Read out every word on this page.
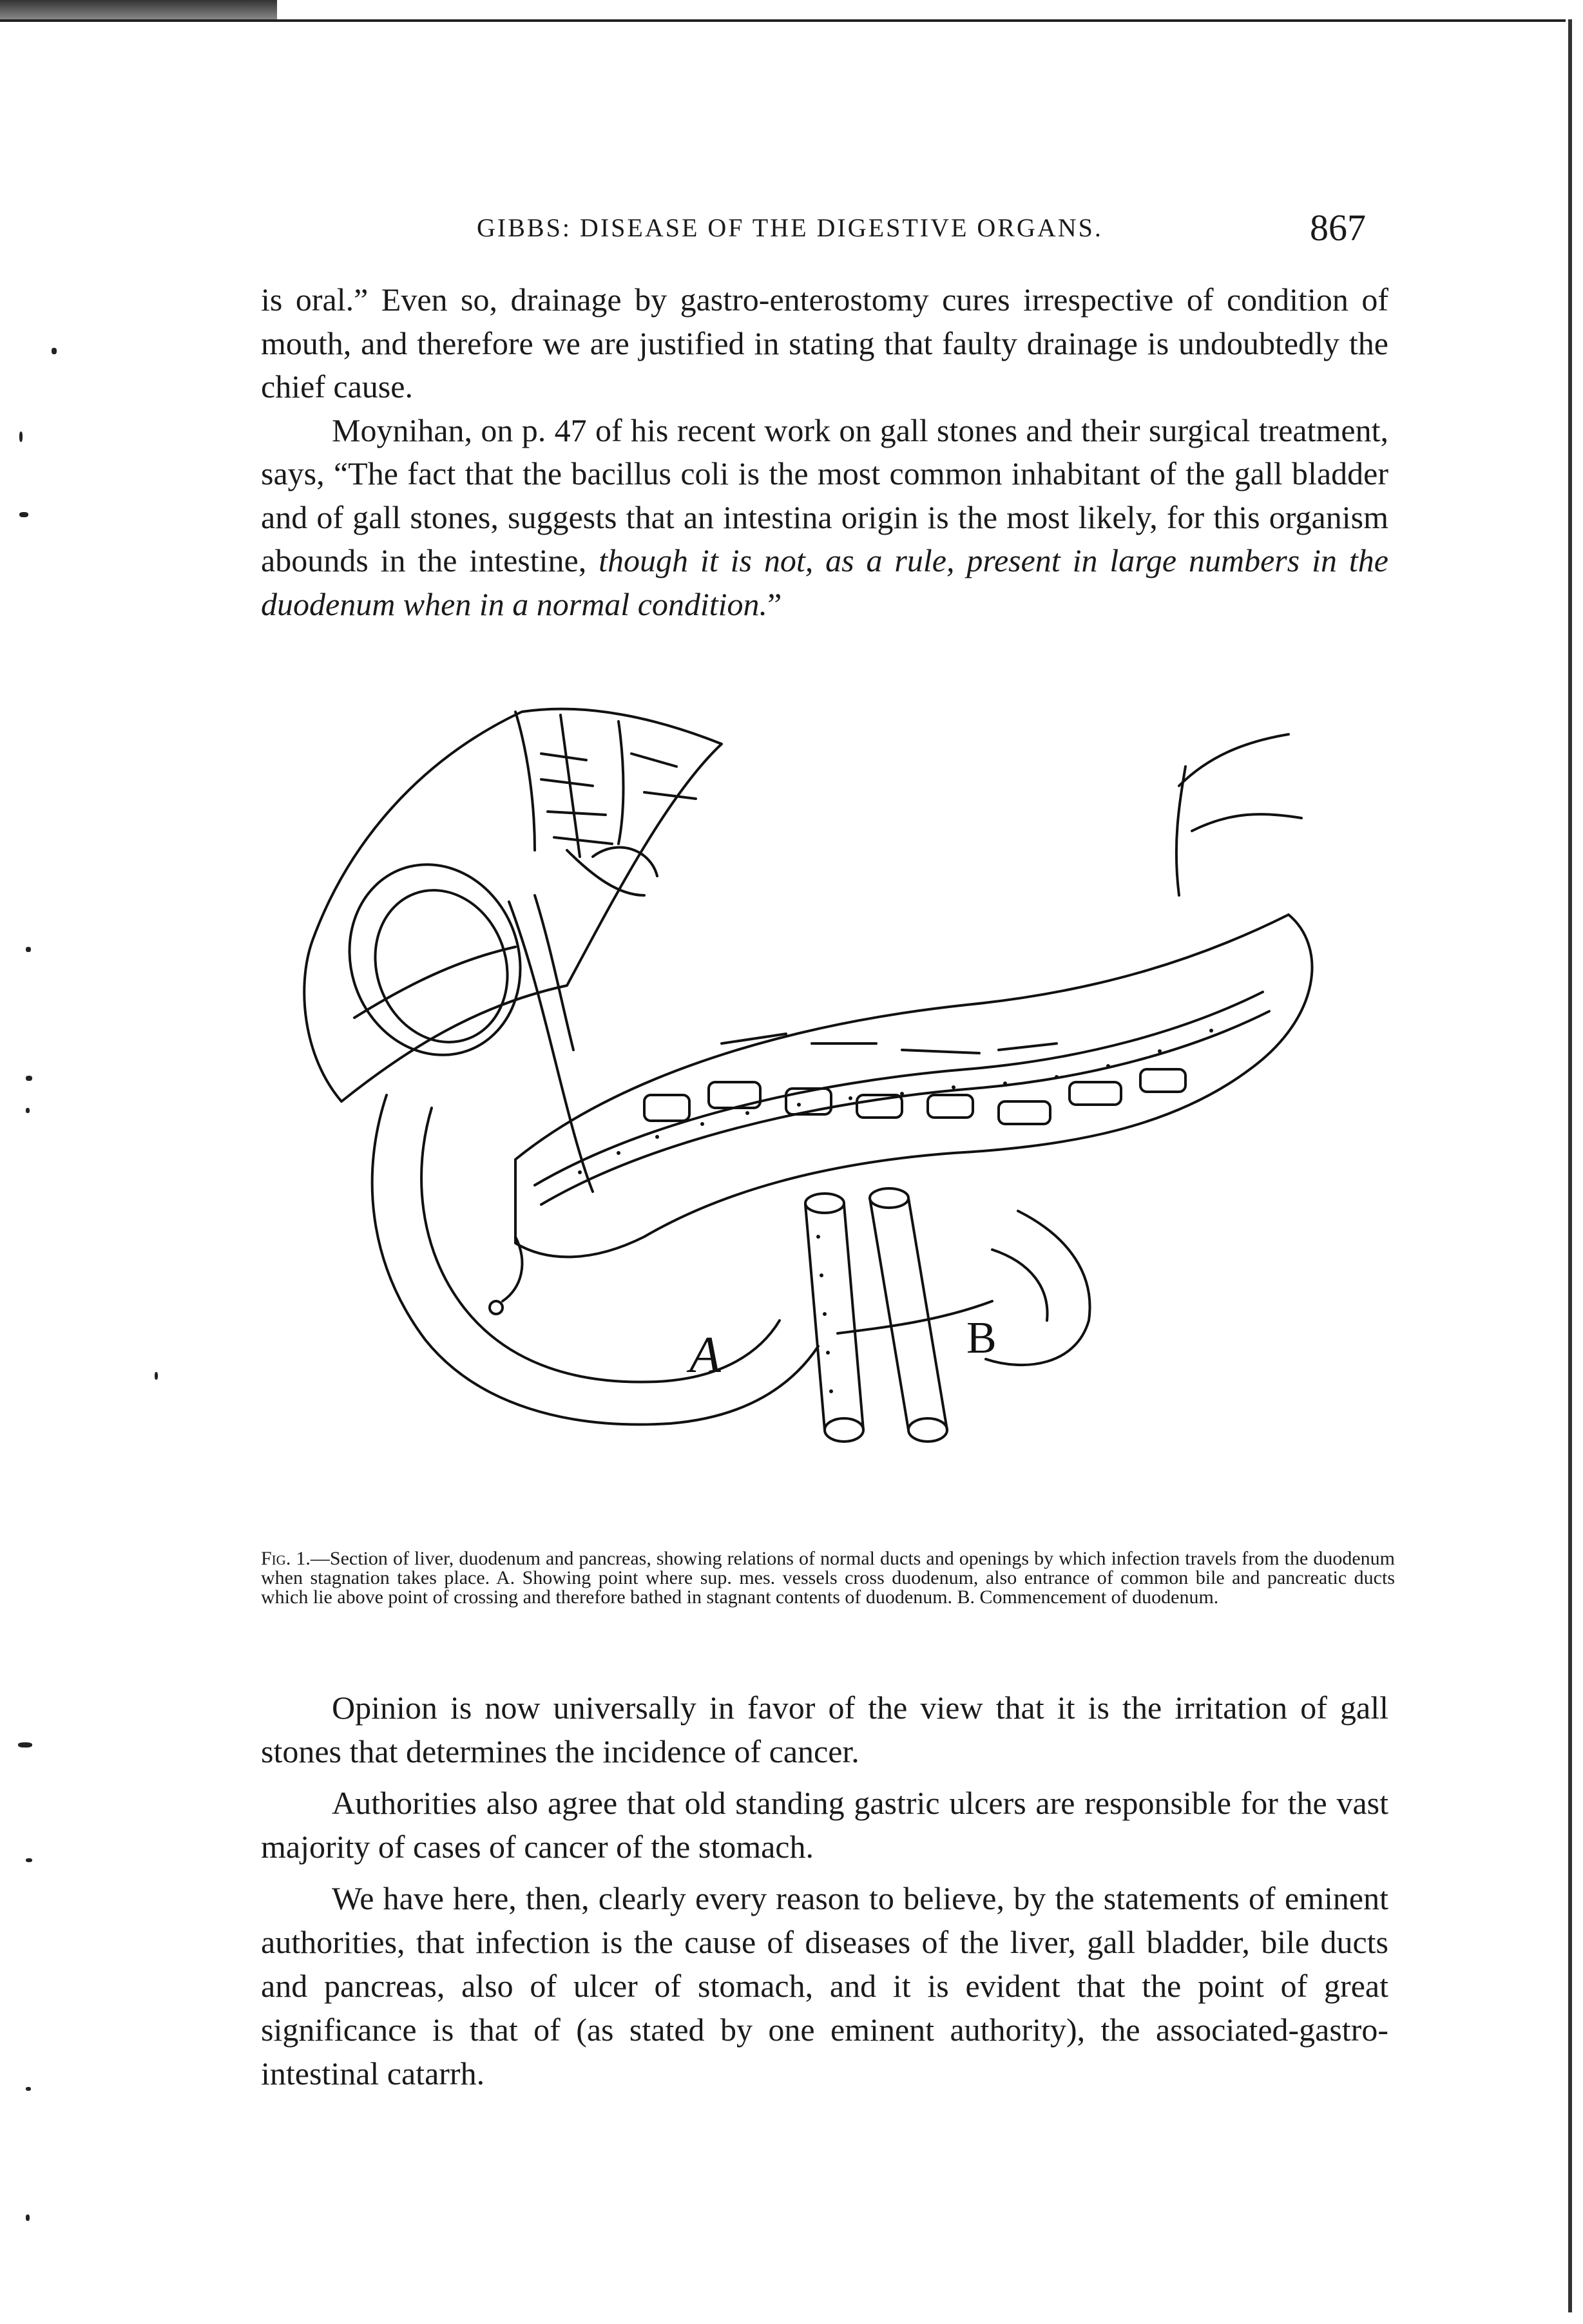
GIBBS: DISEASE OF THE DIGESTIVE ORGANS.	867

is oral.” Even so, drainage by gastro-enterostomy cures irrespective of condition of mouth, and therefore we are justified in stating that faulty drainage is undoubtedly the chief cause.

Moynihan, on p. 47 of his recent work on gall stones and their surgical treatment, says, “The fact that the bacillus coli is the most common inhabitant of the gall bladder and of gall stones, suggests that an intestina origin is the most likely, for this organism abounds in the intestine, though it is not, as a rule, present in large numbers in the duodenum when in a normal condition.”

A	B
Fig. 1.—Section of liver, duodenum and pancreas, showing relations of normal ducts and openings by which infection travels from the duodenum when stagnation takes place. A. Showing point where sup. mes. vessels cross duodenum, also entrance of common bile and pancreatic ducts which lie above point of crossing and therefore bathed in stagnant contents of duodenum. B. Commencement of duodenum.

Opinion is now universally in favor of the view that it is the irritation of gall stones that determines the incidence of cancer.

Authorities also agree that old standing gastric ulcers are responsible for the vast majority of cases of cancer of the stomach.

We have here, then, clearly every reason to believe, by the statements of eminent authorities, that infection is the cause of diseases of the liver, gall bladder, bile ducts and pancreas, also of ulcer of stomach, and it is evident that the point of great significance is that of (as stated by one eminent authority), the associated-gastro-intestinal catarrh.
